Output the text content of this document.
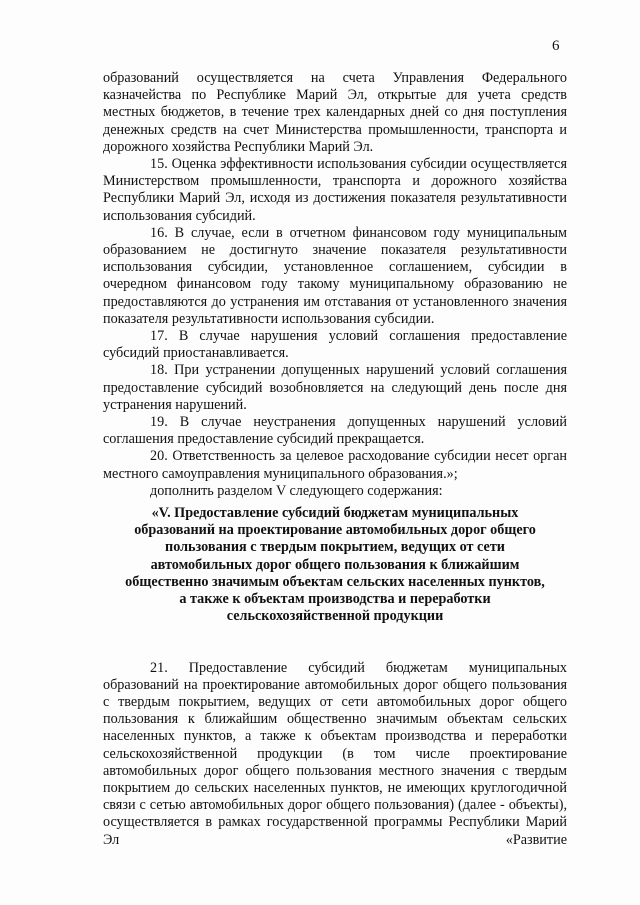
6

образований осуществляется на счета Управления Федерального казначейства по Республике Марий Эл, открытые для учета средств местных бюджетов, в течение трех календарных дней со дня поступления денежных средств на счет Министерства промышленности, транспорта и дорожного хозяйства Республики Марий Эл.

15. Оценка эффективности использования субсидии осуществляется Министерством промышленности, транспорта и дорожного хозяйства Республики Марий Эл, исходя из достижения показателя результативности использования субсидий.

16. В случае, если в отчетном финансовом году муниципальным образованием не достигнуто значение показателя результативности использования субсидии, установленное соглашением, субсидии в очередном финансовом году такому муниципальному образованию не предоставляются до устранения им отставания от установленного значения показателя результативности использования субсидии.

17. В случае нарушения условий соглашения предоставление субсидий приостанавливается.

18. При устранении допущенных нарушений условий соглашения предоставление субсидий возобновляется на следующий день после дня устранения нарушений.

19. В случае неустранения допущенных нарушений условий соглашения предоставление субсидий прекращается.

20. Ответственность за целевое расходование субсидии несет орган местного самоуправления муниципального образования.»;

дополнить разделом V следующего содержания:

«V. Предоставление субсидий бюджетам муниципальных
образований на проектирование автомобильных дорог общего
пользования с твердым покрытием, ведущих от сети
автомобильных дорог общего пользования к ближайшим
общественно значимым объектам сельских населенных пунктов,
а также к объектам производства и переработки
сельскохозяйственной продукции

21. Предоставление субсидий бюджетам муниципальных образований на проектирование автомобильных дорог общего пользования с твердым покрытием, ведущих от сети автомобильных дорог общего пользования к ближайшим общественно значимым объектам сельских населенных пунктов, а также к объектам производства и переработки сельскохозяйственной продукции (в том числе проектирование автомобильных дорог общего пользования местного значения с твердым покрытием до сельских населенных пунктов, не имеющих круглогодичной связи с сетью автомобильных дорог общего пользования) (далее - объекты), осуществляется в рамках государственной программы Республики Марий Эл «Развитие
